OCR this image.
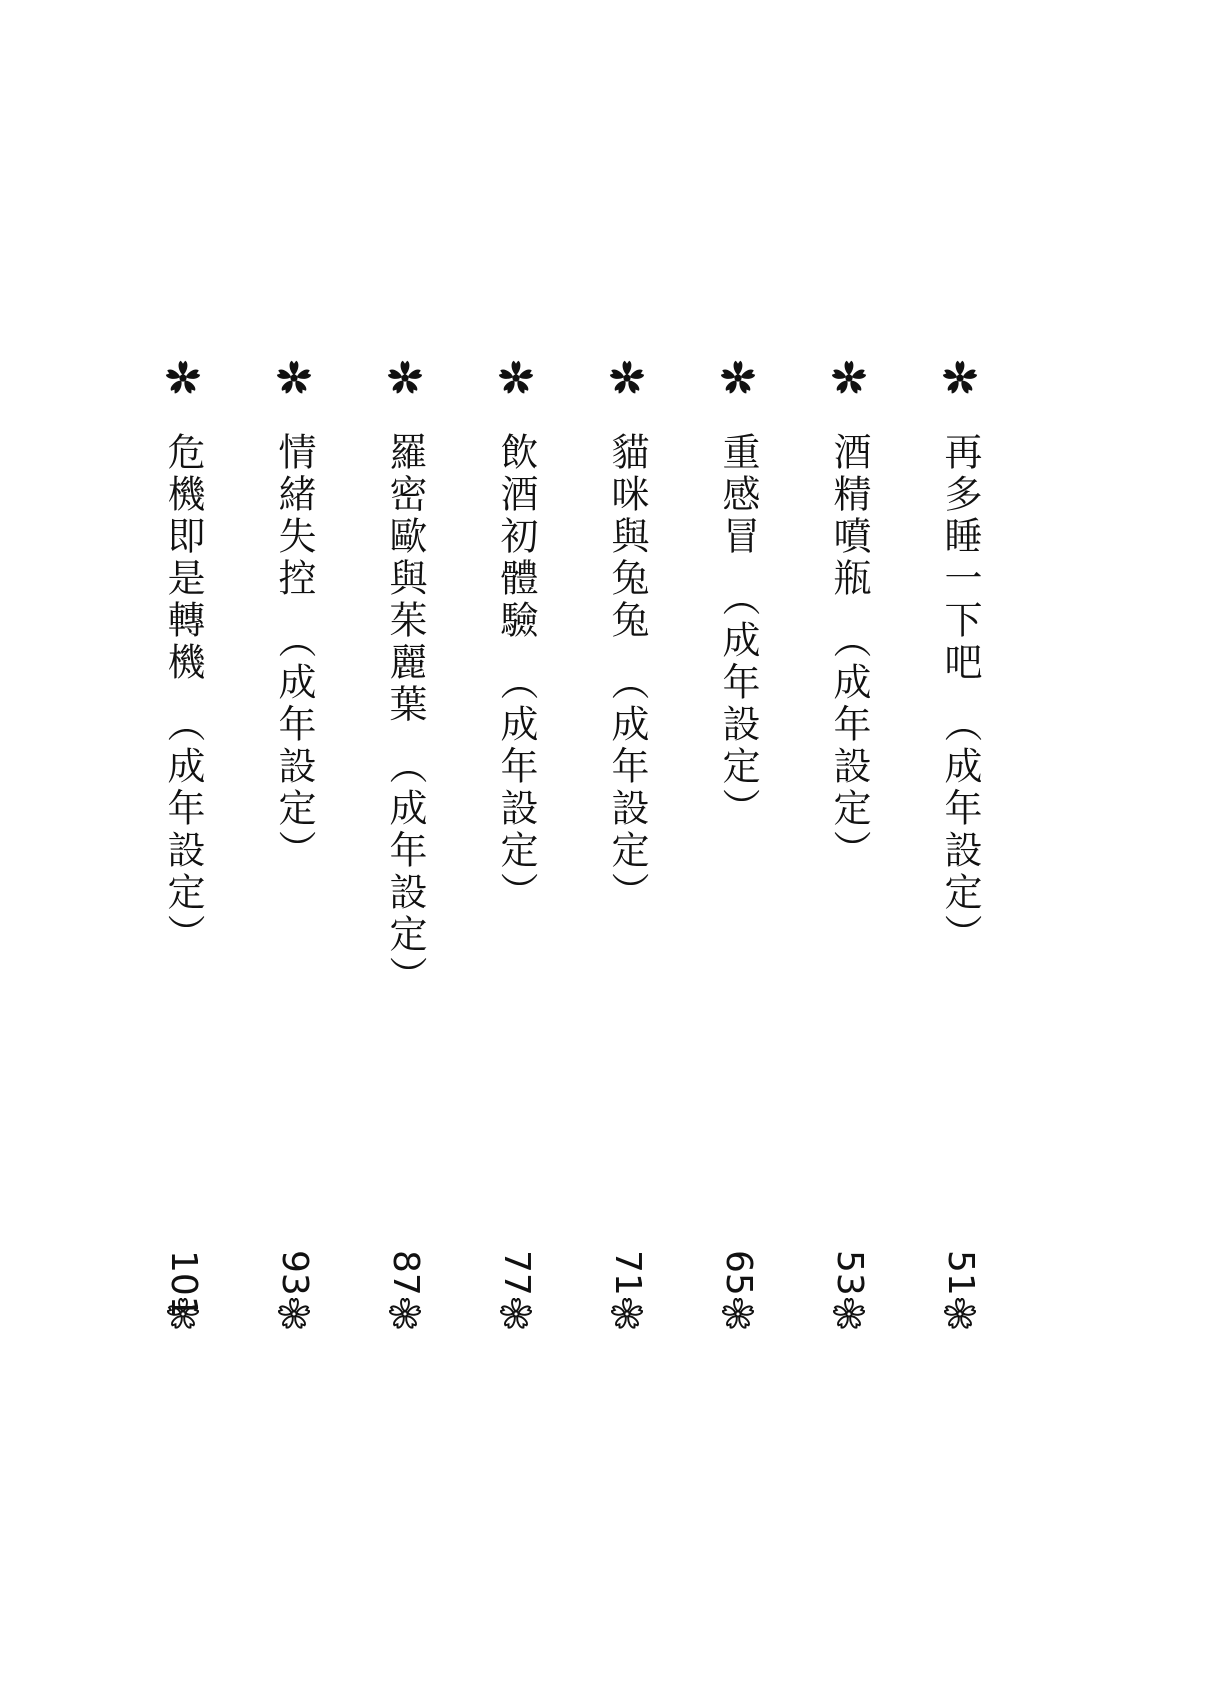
再多睡一下吧（成年設定）
51
酒精噴瓶（成年設定）
53
重感冒（成年設定）
65
貓咪與兔兔（成年設定）
71
飲酒初體驗（成年設定）
77
羅密歐與茱麗葉（成年設定）
87
情緒失控（成年設定）
93
危機即是轉機（成年設定）
101
